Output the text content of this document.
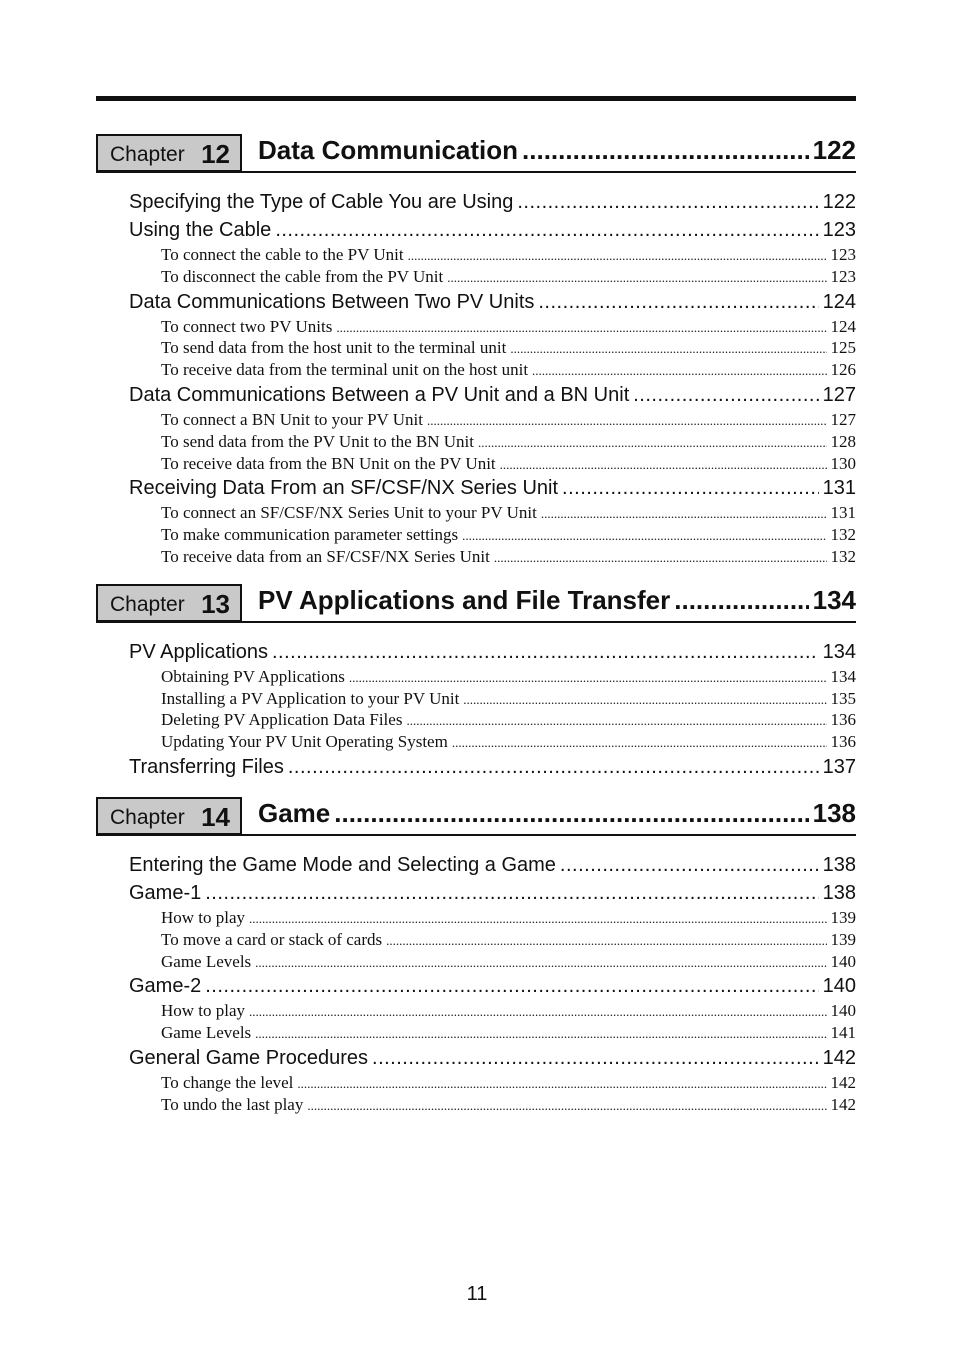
Chapter 12 Data Communication .....	122
Specifying the Type of Cable You are Using .....	122
Using the Cable .....	123
To connect the cable to the PV Unit .....	123
To disconnect the cable from the PV Unit .....	123
Data Communications Between Two PV Units .....	124
To connect two PV Units .....	124
To send data from the host unit to the terminal unit .....	125
To receive data from the terminal unit on the host unit .....	126
Data Communications Between a PV Unit and a BN Unit .....	127
To connect a BN Unit to your PV Unit .....	127
To send data from the PV Unit to the BN Unit .....	128
To receive data from the BN Unit on the PV Unit .....	130
Receiving Data From an SF/CSF/NX Series Unit .....	131
To connect an SF/CSF/NX Series Unit to your PV Unit .....	131
To make communication parameter settings .....	132
To receive data from an SF/CSF/NX Series Unit .....	132
Chapter 13 PV Applications and File Transfer .....	134
PV Applications .....	134
Obtaining PV Applications .....	134
Installing a PV Application to your PV Unit .....	135
Deleting PV Application Data Files .....	136
Updating Your PV Unit Operating System .....	136
Transferring Files .....	137
Chapter 14 Game .....	138
Entering the Game Mode and Selecting a Game .....	138
Game-1 .....	138
How to play .....	139
To move a card or stack of cards .....	139
Game Levels .....	140
Game-2 .....	140
How to play .....	140
Game Levels .....	141
General Game Procedures .....	142
To change the level .....	142
To undo the last play .....	142
11
